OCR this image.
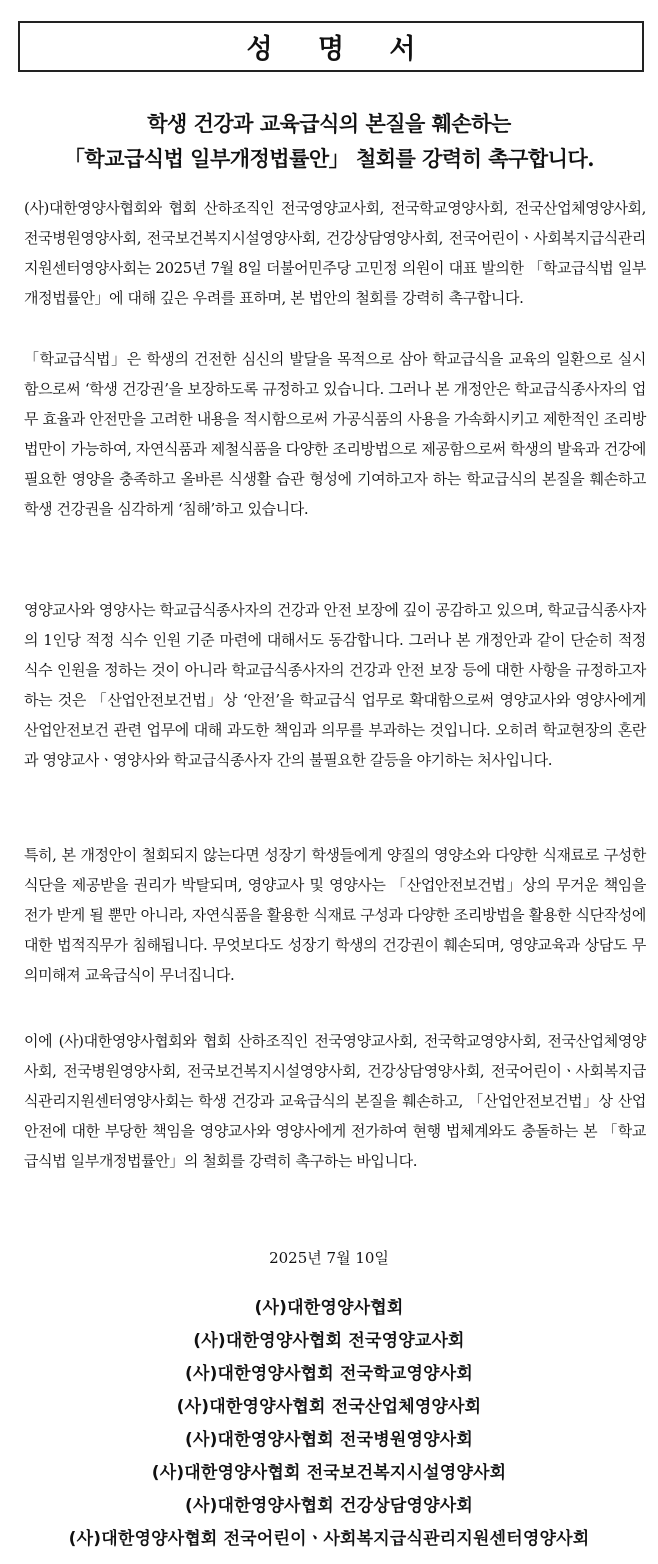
성 명 서
학생 건강과 교육급식의 본질을 훼손하는
「학교급식법 일부개정법률안」 철회를 강력히 촉구합니다.
(사)대한영양사협회와 협회 산하조직인 전국영양교사회, 전국학교영양사회, 전국산업체영양사회, 전국병원영양사회, 전국보건복지시설영양사회, 건강상담영양사회, 전국어린이ㆍ사회복지급식관리지원센터영양사회는 2025년 7월 8일 더불어민주당 고민정 의원이 대표 발의한 「학교급식법 일부개정법률안」에 대해 깊은 우려를 표하며, 본 법안의 철회를 강력히 촉구합니다.
「학교급식법」은 학생의 건전한 심신의 발달을 목적으로 삼아 학교급식을 교육의 일환으로 실시함으로써 ‘학생 건강권’을 보장하도록 규정하고 있습니다. 그러나 본 개정안은 학교급식종사자의 업무 효율과 안전만을 고려한 내용을 적시함으로써 가공식품의 사용을 가속화시키고 제한적인 조리방법만이 가능하여, 자연식품과 제철식품을 다양한 조리방법으로 제공함으로써 학생의 발육과 건강에 필요한 영양을 충족하고 올바른 식생활 습관 형성에 기여하고자 하는 학교급식의 본질을 훼손하고 학생 건강권을 심각하게 ‘침해’하고 있습니다.
영양교사와 영양사는 학교급식종사자의 건강과 안전 보장에 깊이 공감하고 있으며, 학교급식종사자의 1인당 적정 식수 인원 기준 마련에 대해서도 동감합니다. 그러나 본 개정안과 같이 단순히 적정 식수 인원을 정하는 것이 아니라 학교급식종사자의 건강과 안전 보장 등에 대한 사항을 규정하고자 하는 것은 「산업안전보건법」상 ‘안전’을 학교급식 업무로 확대함으로써 영양교사와 영양사에게 산업안전보건 관련 업무에 대해 과도한 책임과 의무를 부과하는 것입니다. 오히려 학교현장의 혼란과 영양교사ㆍ영양사와 학교급식종사자 간의 불필요한 갈등을 야기하는 처사입니다.
특히, 본 개정안이 철회되지 않는다면 성장기 학생들에게 양질의 영양소와 다양한 식재료로 구성한 식단을 제공받을 권리가 박탈되며, 영양교사 및 영양사는 「산업안전보건법」상의 무거운 책임을 전가 받게 될 뿐만 아니라, 자연식품을 활용한 식재료 구성과 다양한 조리방법을 활용한 식단작성에 대한 법적직무가 침해됩니다. 무엇보다도 성장기 학생의 건강권이 훼손되며, 영양교육과 상담도 무의미해져 교육급식이 무너집니다.
이에 (사)대한영양사협회와 협회 산하조직인 전국영양교사회, 전국학교영양사회, 전국산업체영양사회, 전국병원영양사회, 전국보건복지시설영양사회, 건강상담영양사회, 전국어린이ㆍ사회복지급식관리지원센터영양사회는 학생 건강과 교육급식의 본질을 훼손하고, 「산업안전보건법」상 산업안전에 대한 부당한 책임을 영양교사와 영양사에게 전가하여 현행 법체계와도 충돌하는 본 「학교급식법 일부개정법률안」의 철회를 강력히 촉구하는 바입니다.
2025년 7월 10일
(사)대한영양사협회
(사)대한영양사협회 전국영양교사회
(사)대한영양사협회 전국학교영양사회
(사)대한영양사협회 전국산업체영양사회
(사)대한영양사협회 전국병원영양사회
(사)대한영양사협회 전국보건복지시설영양사회
(사)대한영양사협회 건강상담영양사회
(사)대한영양사협회 전국어린이ㆍ사회복지급식관리지원센터영양사회
